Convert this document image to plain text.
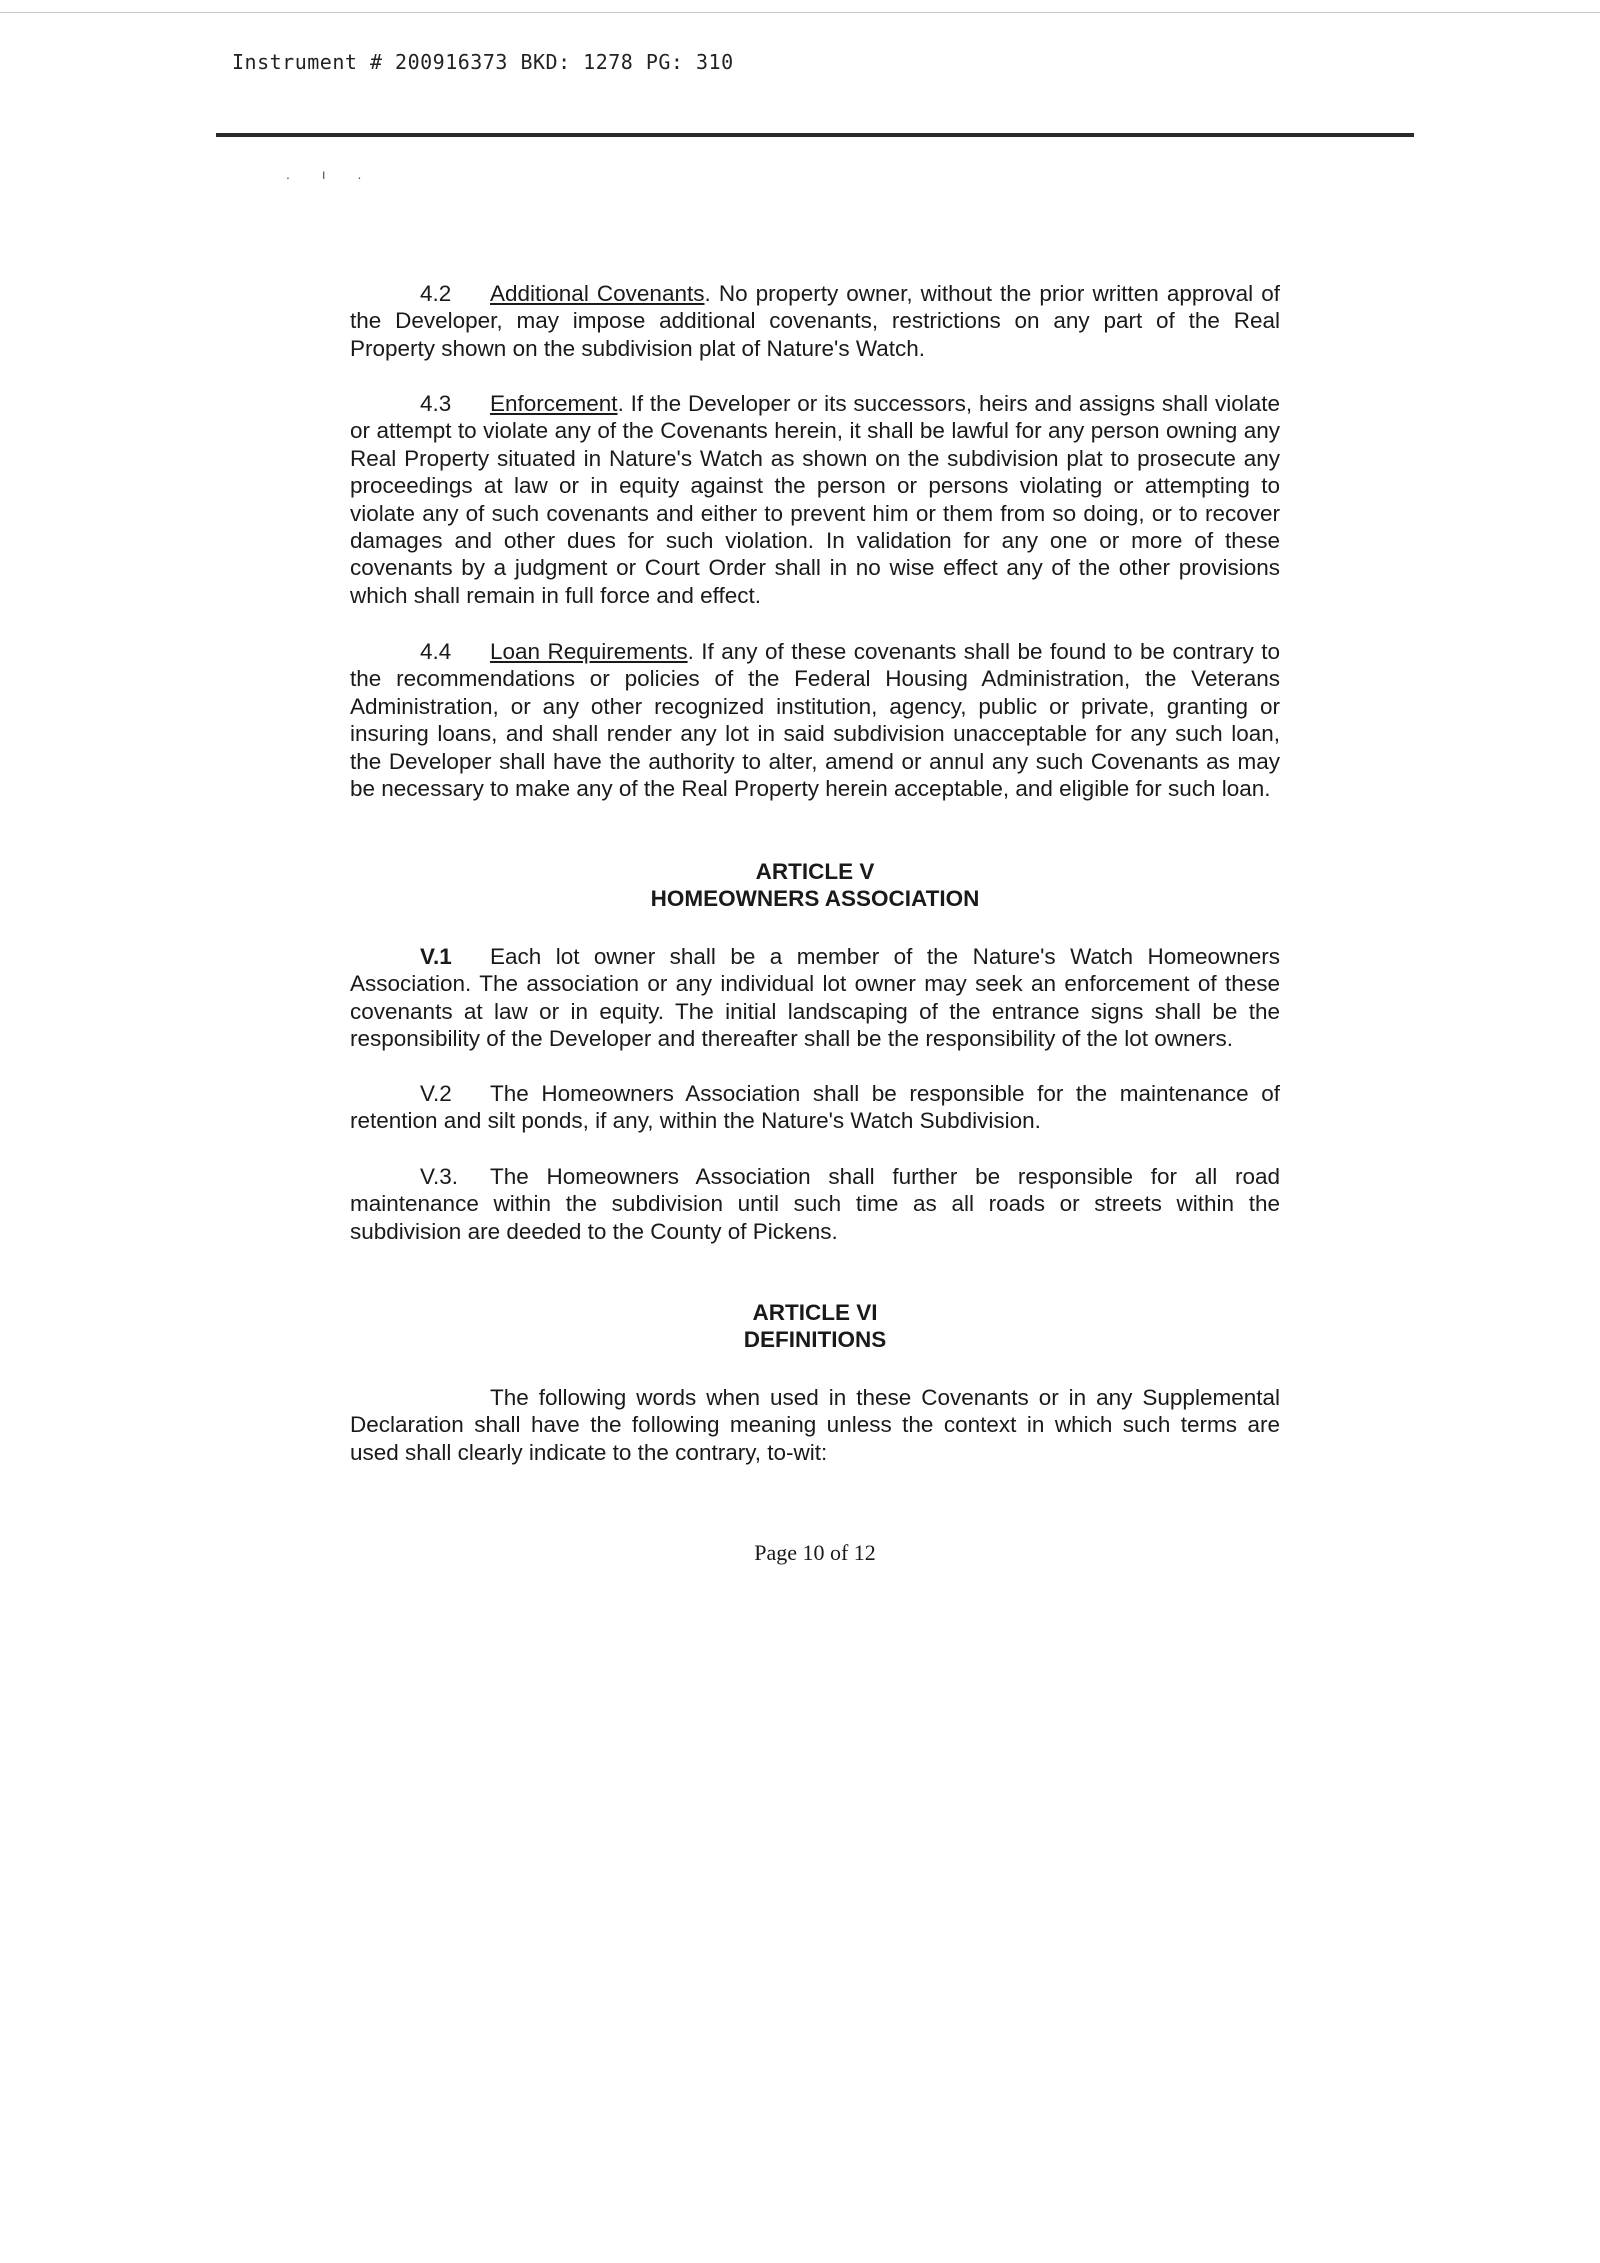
Instrument # 200916373 BKD: 1278 PG: 310
. ı .

4.2 Additional Covenants. No property owner, without the prior written approval of the Developer, may impose additional covenants, restrictions on any part of the Real Property shown on the subdivision plat of Nature's Watch.

4.3 Enforcement. If the Developer or its successors, heirs and assigns shall violate or attempt to violate any of the Covenants herein, it shall be lawful for any person owning any Real Property situated in Nature's Watch as shown on the subdivision plat to prosecute any proceedings at law or in equity against the person or persons violating or attempting to violate any of such covenants and either to prevent him or them from so doing, or to recover damages and other dues for such violation. In validation for any one or more of these covenants by a judgment or Court Order shall in no wise effect any of the other provisions which shall remain in full force and effect.

4.4 Loan Requirements. If any of these covenants shall be found to be contrary to the recommendations or policies of the Federal Housing Administration, the Veterans Administration, or any other recognized institution, agency, public or private, granting or insuring loans, and shall render any lot in said subdivision unacceptable for any such loan, the Developer shall have the authority to alter, amend or annul any such Covenants as may be necessary to make any of the Real Property herein acceptable, and eligible for such loan.

ARTICLE V
HOMEOWNERS ASSOCIATION

V.1 Each lot owner shall be a member of the Nature's Watch Homeowners Association. The association or any individual lot owner may seek an enforcement of these covenants at law or in equity. The initial landscaping of the entrance signs shall be the responsibility of the Developer and thereafter shall be the responsibility of the lot owners.

V.2 The Homeowners Association shall be responsible for the maintenance of retention and silt ponds, if any, within the Nature's Watch Subdivision.

V.3. The Homeowners Association shall further be responsible for all road maintenance within the subdivision until such time as all roads or streets within the subdivision are deeded to the County of Pickens.

ARTICLE VI
DEFINITIONS

The following words when used in these Covenants or in any Supplemental Declaration shall have the following meaning unless the context in which such terms are used shall clearly indicate to the contrary, to-wit:

Page 10 of 12
